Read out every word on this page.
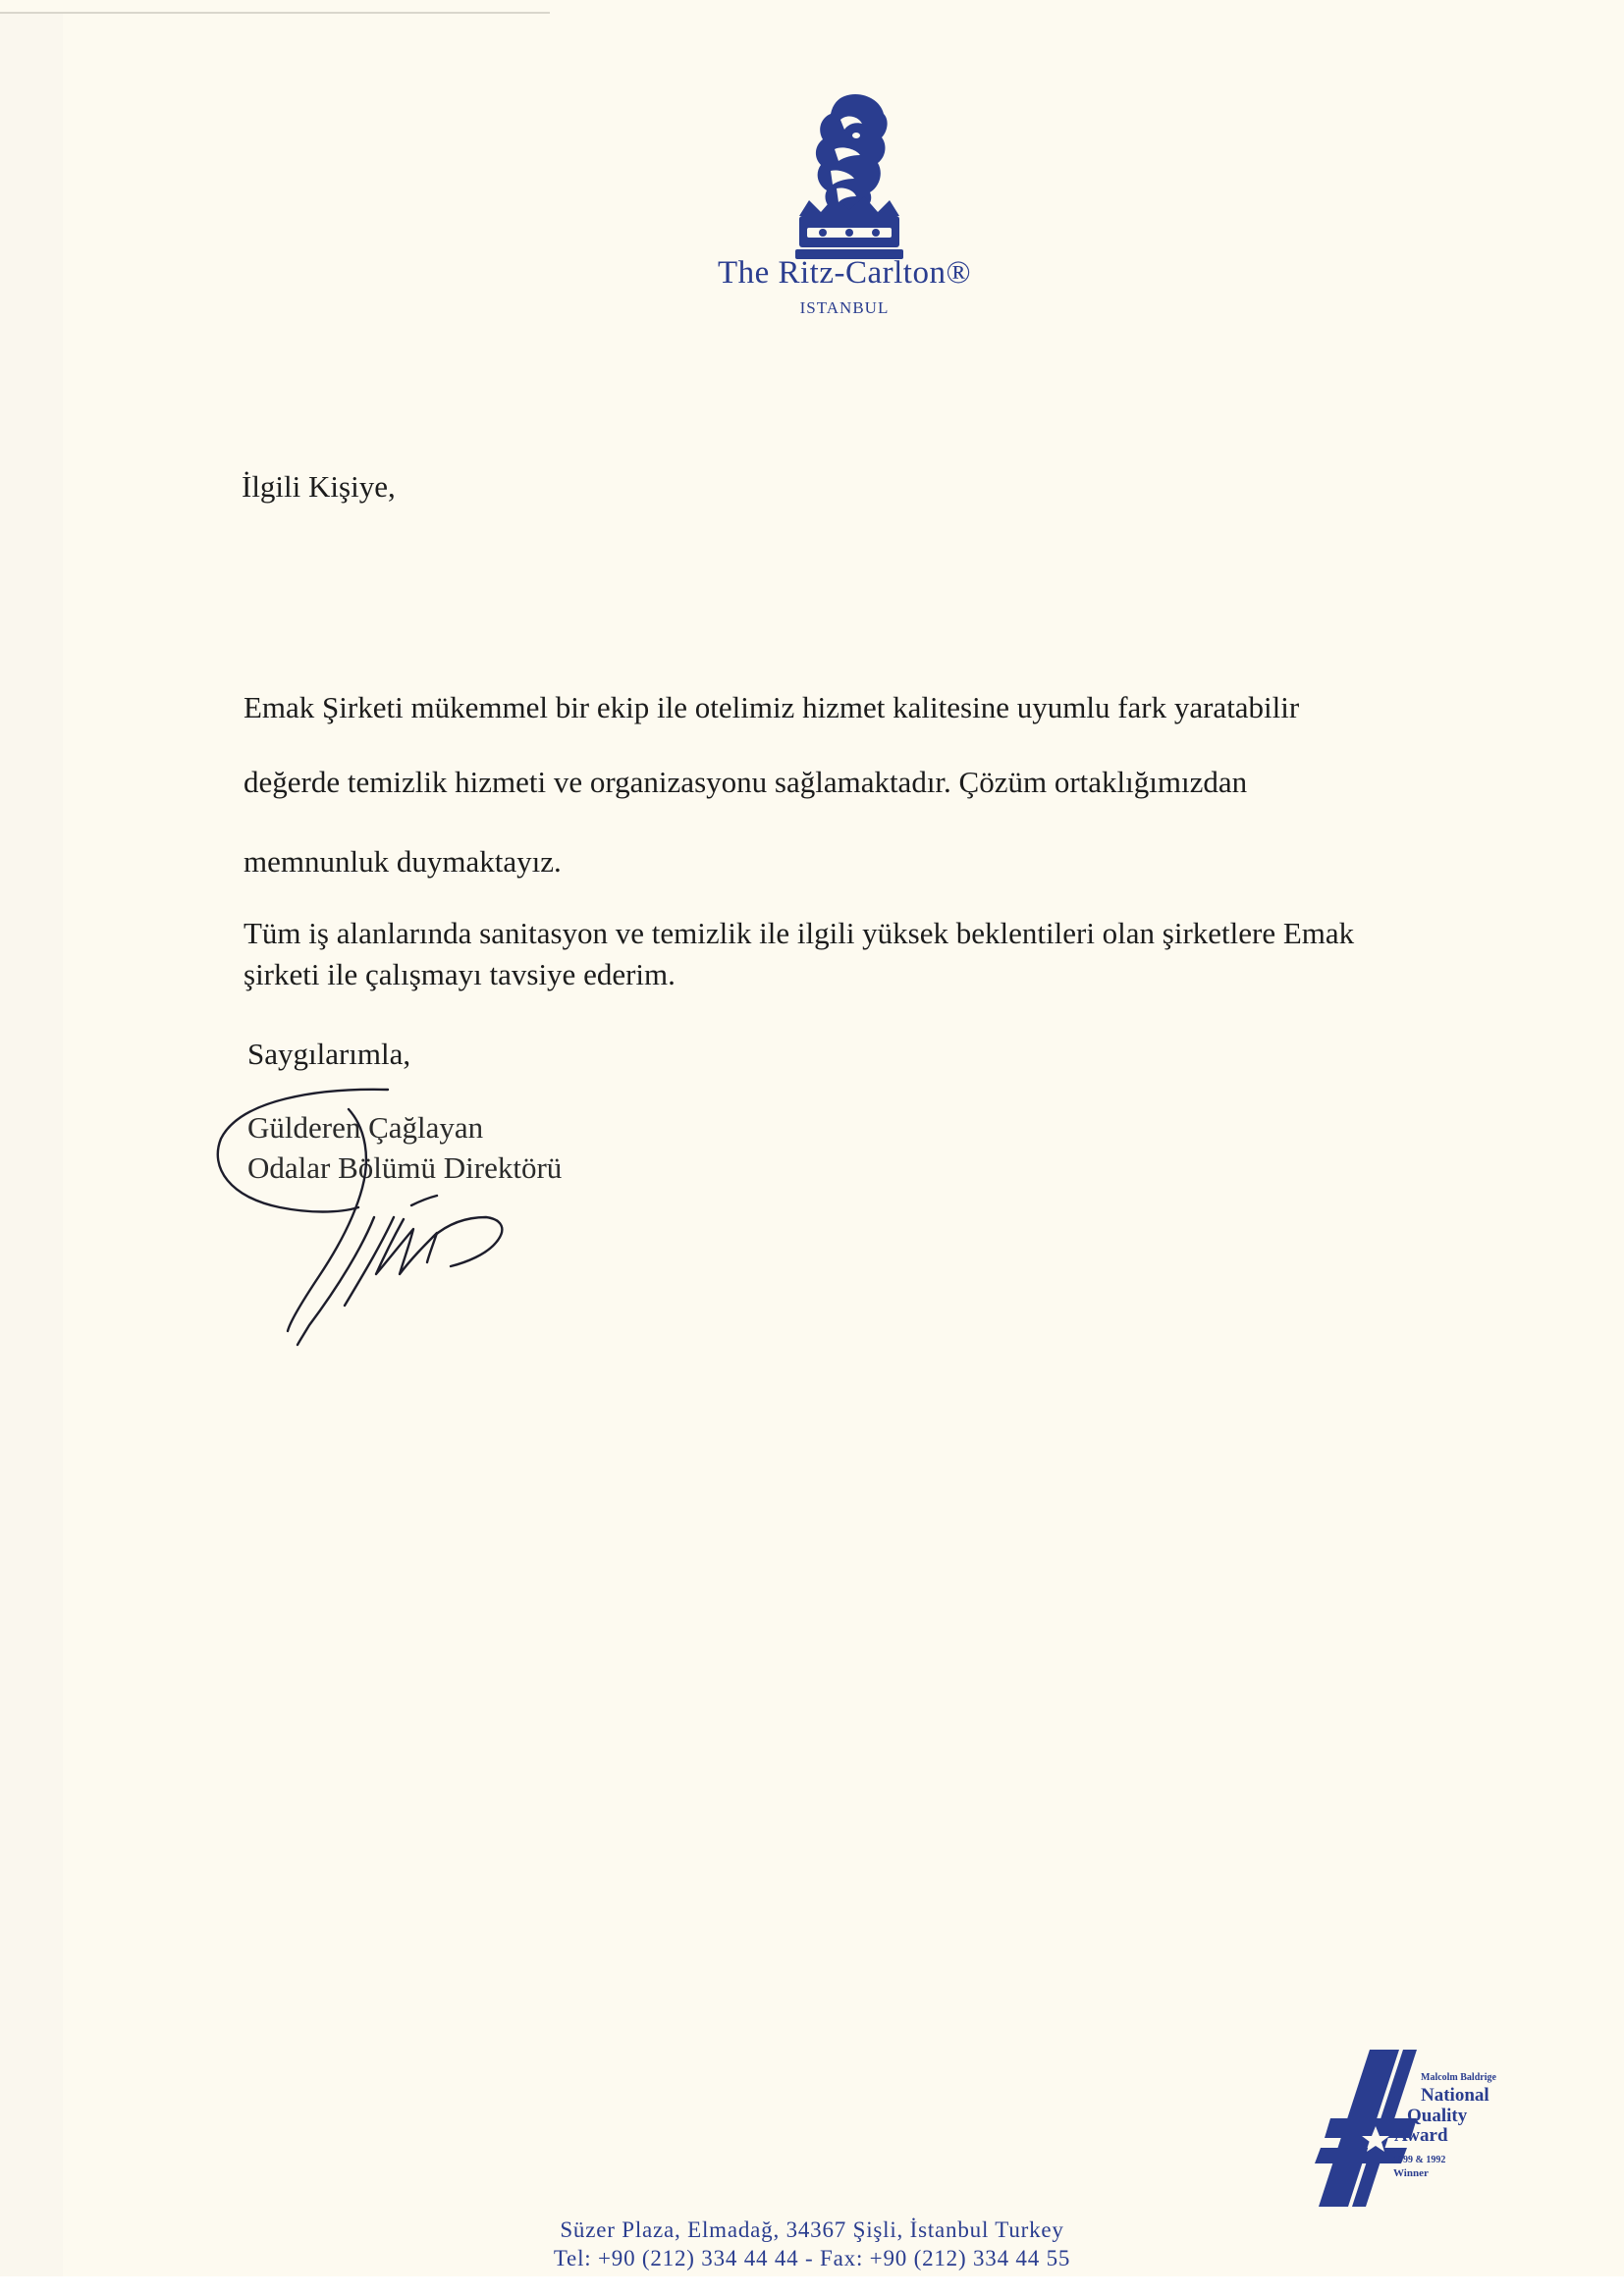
The Ritz-Carlton®
ISTANBUL
İlgili Kişiye,
Emak Şirketi mükemmel bir ekip ile otelimiz hizmet kalitesine uyumlu fark yaratabilir
değerde temizlik hizmeti ve organizasyonu sağlamaktadır. Çözüm ortaklığımızdan
memnunluk duymaktayız.
Tüm iş alanlarında sanitasyon ve temizlik ile ilgili yüksek beklentileri olan şirketlere Emak
şirketi ile çalışmayı tavsiye ederim.
Saygılarımla,
Gülderen Çağlayan
Odalar Bölümü Direktörü
Malcolm Baldrige
National
Quality
Award
1999 & 1992
Winner
Süzer Plaza, Elmadağ, 34367 Şişli, İstanbul Turkey
Tel: +90 (212) 334 44 44 - Fax: +90 (212) 334 44 55
